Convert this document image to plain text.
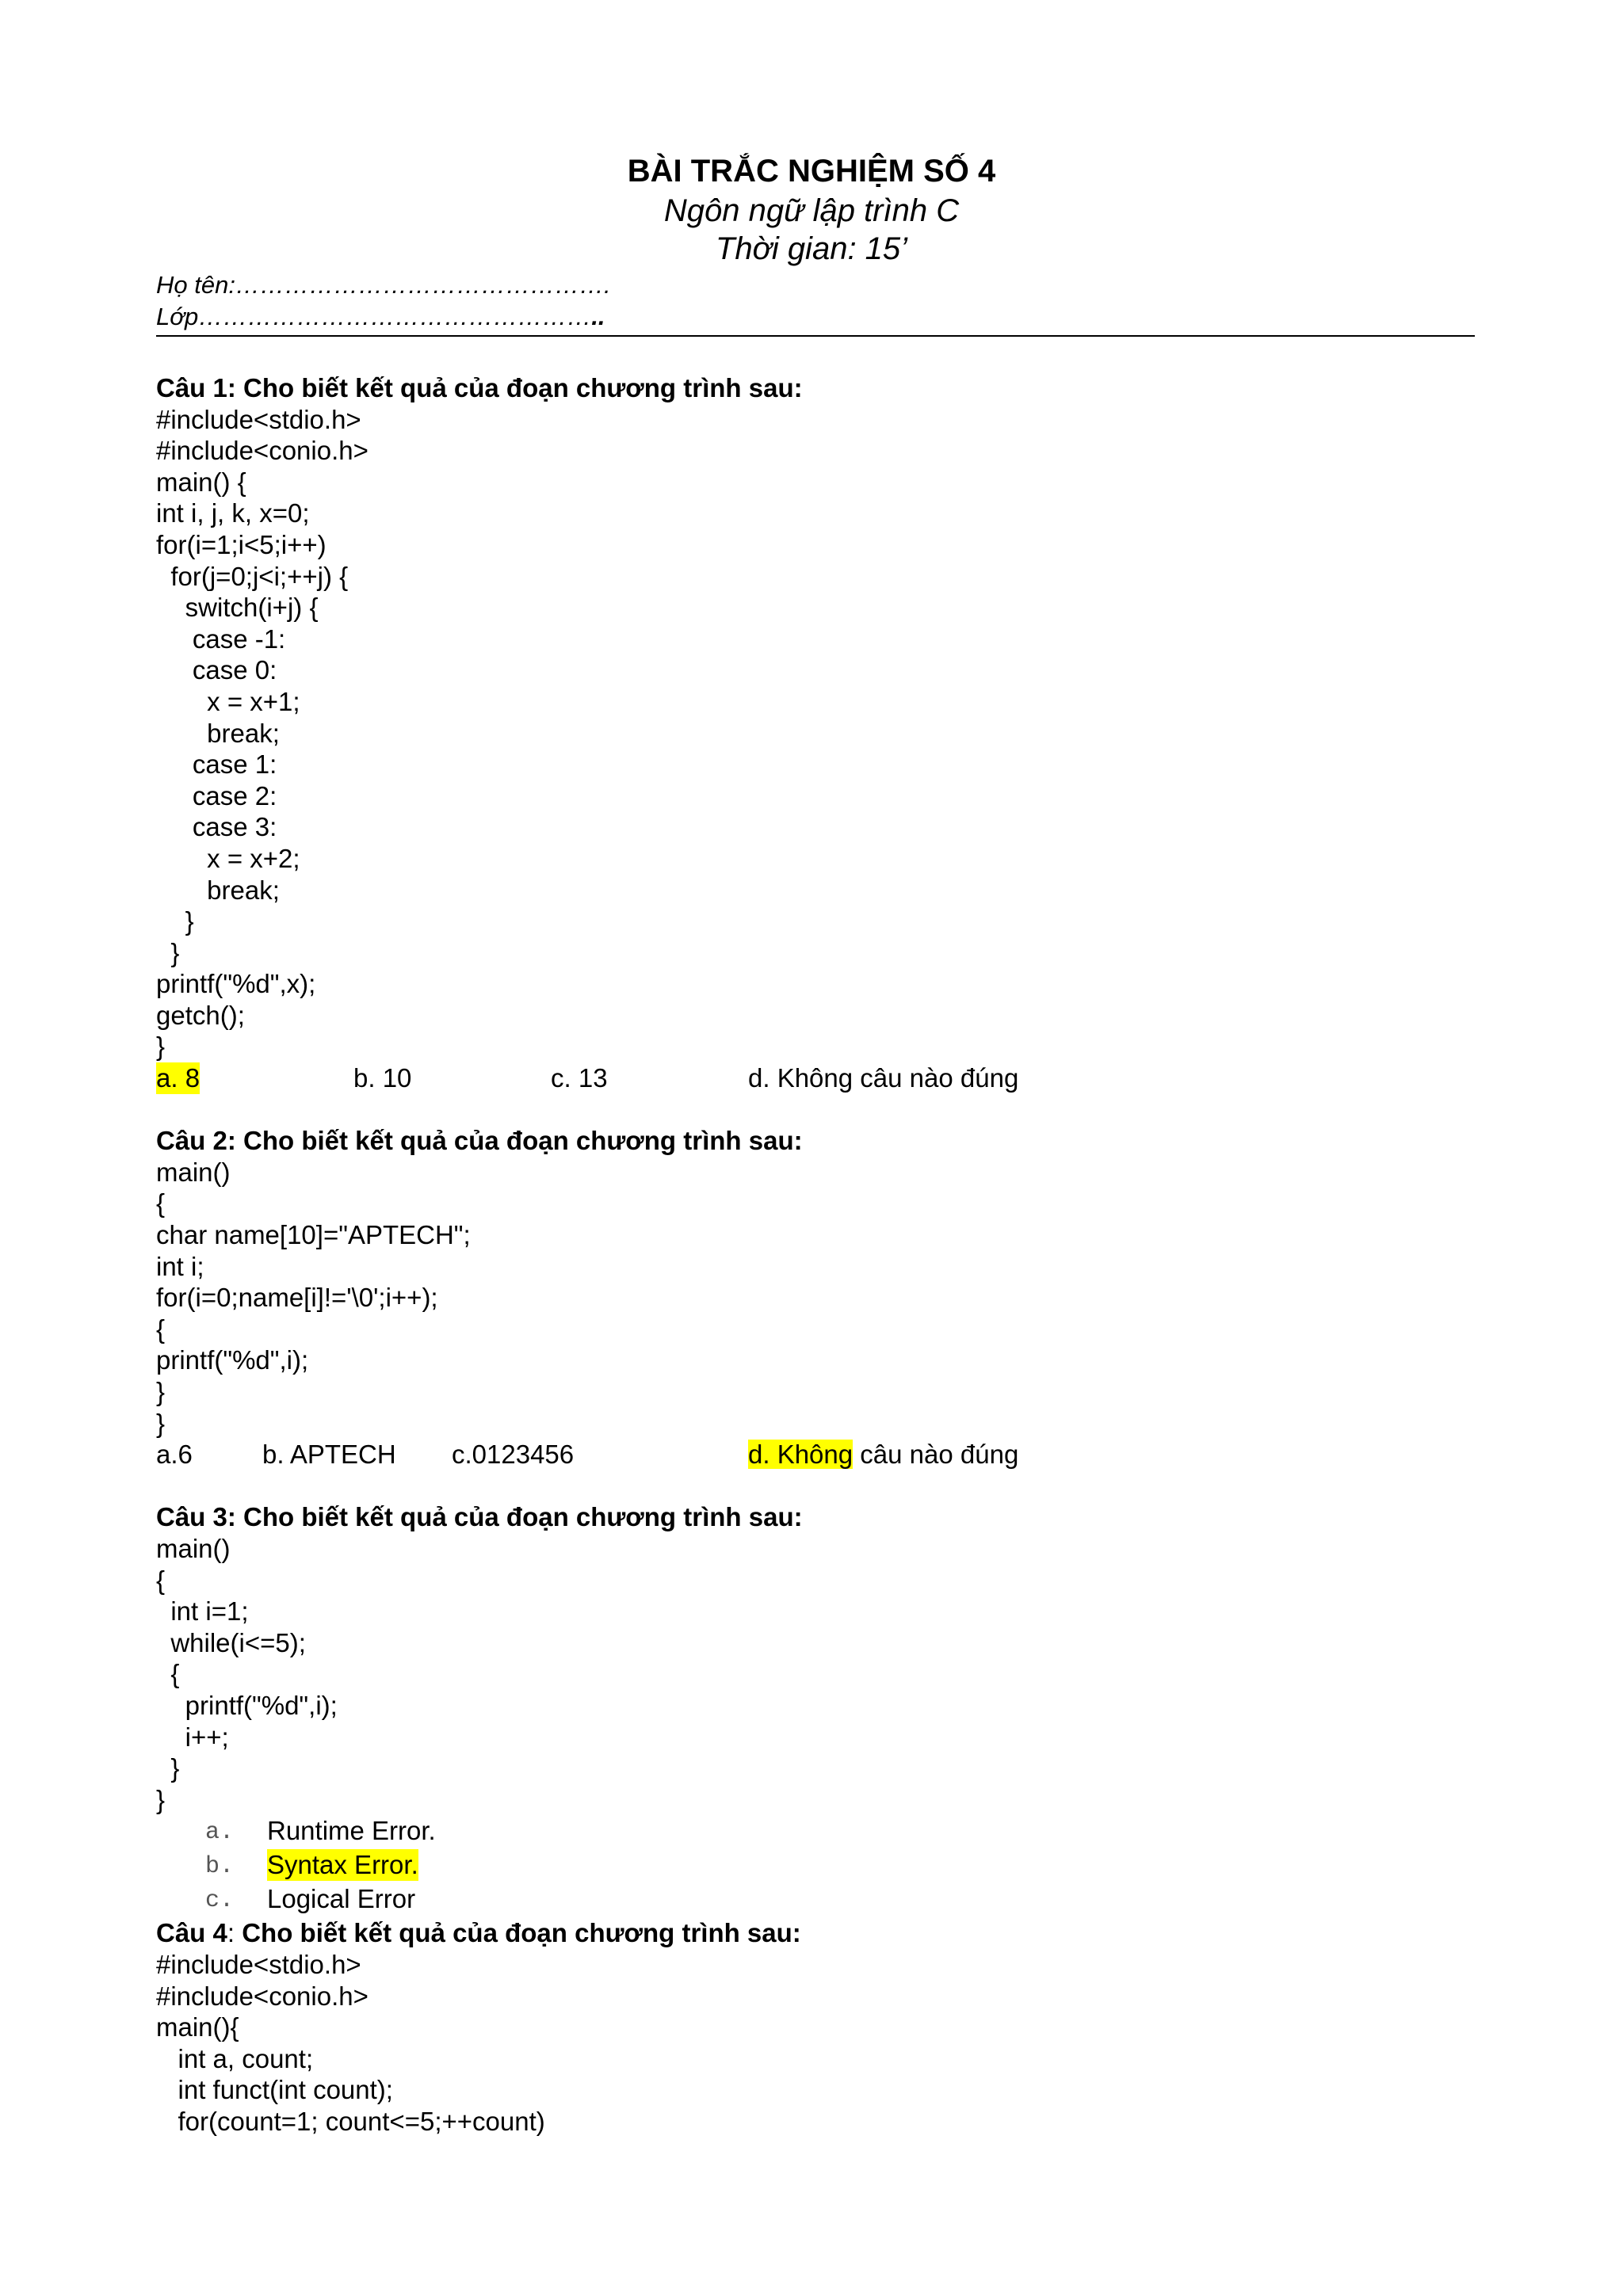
BÀI TRẮC NGHIỆM SỐ 4
Ngôn ngữ lập trình C
Thời gian: 15’
Họ tên:……………………………………….
Lớp…………………………………………..
Câu 1: Cho biết kết quả của đoạn chương trình sau:
#include<stdio.h>
#include<conio.h>
main() {
int i, j, k, x=0;
for(i=1;i<5;i++)
for(j=0;j<i;++j) {
switch(i+j) {
case -1:
case 0:
x = x+1;
break;
case 1:
case 2:
case 3:
x = x+2;
break;
}
}
printf("%d",x);
getch();
}

a. 8

	b. 10

	c. 13

	d. Không câu nào đúng

Câu 2: Cho biết kết quả của đoạn chương trình sau:
main()
{
char name[10]="APTECH";
int i;
for(i=0;name[i]!='\0';i++);
{
printf("%d",i);
}
}

a.6

	b. APTECH

c.0123456

	d. Không câu nào đúng

Câu 3: Cho biết kết quả của đoạn chương trình sau:
main()
{
int i=1;
while(i<=5);
{
printf("%d",i);
i++;
}
}

a.

Runtime Error.

b.

Syntax Error.

c.

Logical Error

Câu 4: Cho biết kết quả của đoạn chương trình sau:
#include<stdio.h>
#include<conio.h>
main(){
int a, count;
int funct(int count);
for(count=1; count<=5;++count)
